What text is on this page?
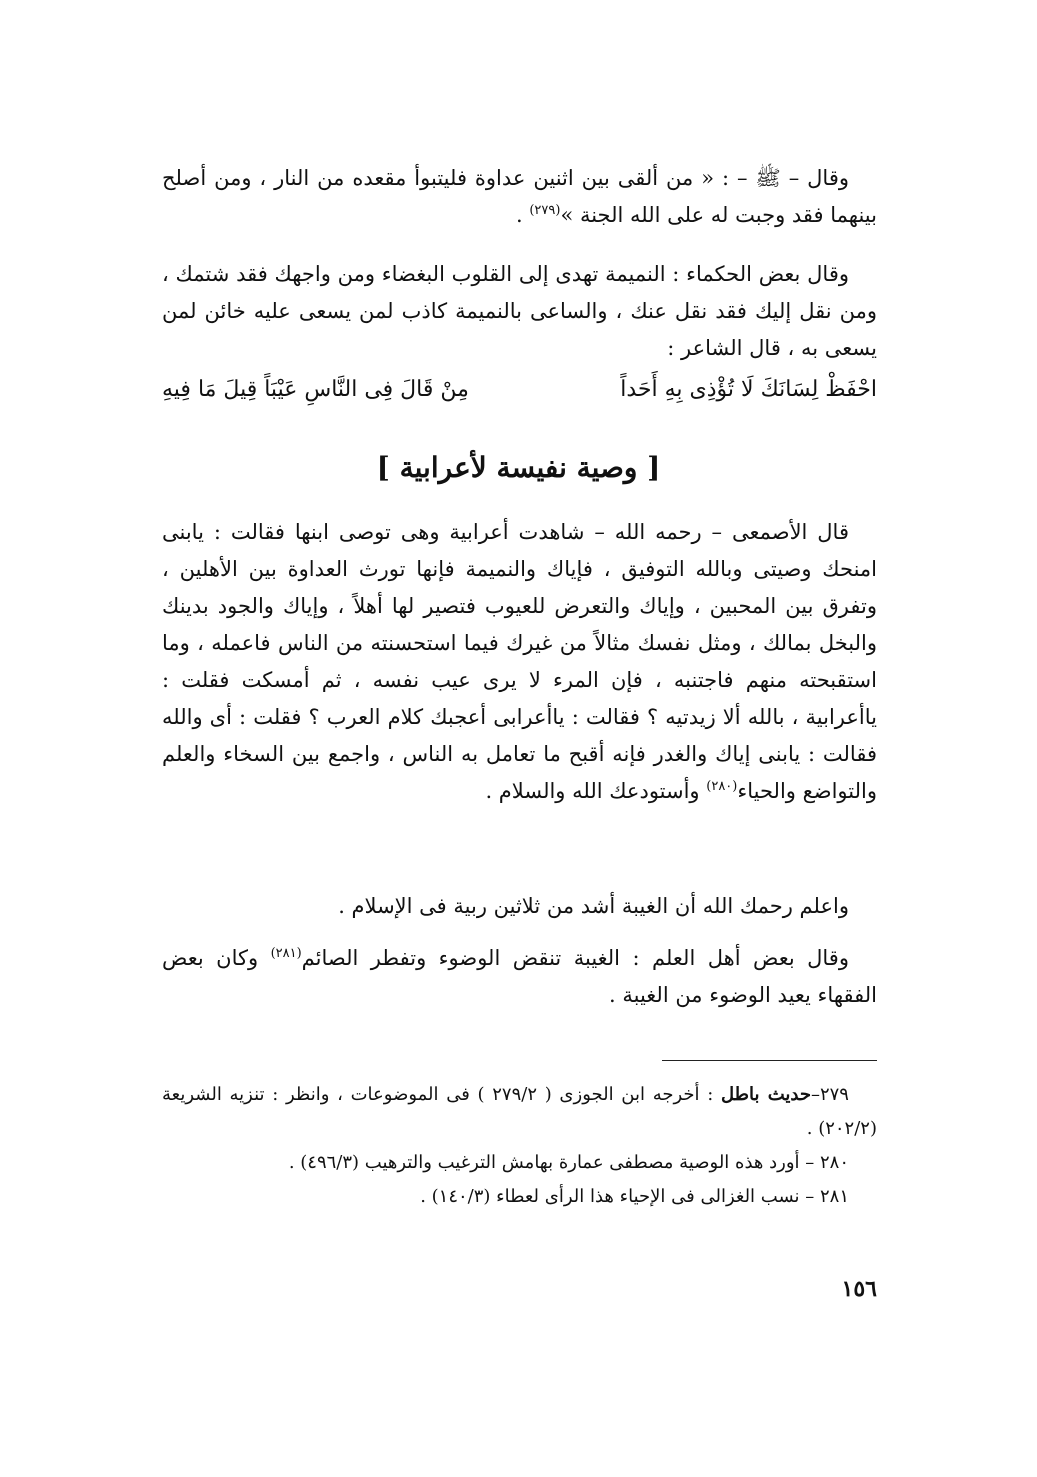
وقال – ﷺ – : « من ألقى بين اثنين عداوة فليتبوأ مقعده من النار ، ومن أصلح بينهما فقد وجبت له على الله الجنة »$^{(٢٧٩)}$ .

وقال بعض الحكماء : النميمة تهدى إلى القلوب البغضاء ومن واجهك فقد شتمك ، ومن نقل إليك فقد نقل عنك ، والساعى بالنميمة كاذب لمن يسعى عليه خائن لمن يسعى به ، قال الشاعر :

احْفَظْ لِسَانَكَ لَا تُؤْذِى بِهِ أَحَداً
مِنْ قَالَ فِى النَّاسِ عَيْبَاً قِيلَ مَا فِيهِ
[ وصية نفيسة لأعرابية ]

قال الأصمعى – رحمه الله – شاهدت أعرابية وهى توصى ابنها فقالت : يابنى امنحك وصيتى وبالله التوفيق ، فإياك والنميمة فإنها تورث العداوة بين الأهلين ، وتفرق بين المحبين ، وإياك والتعرض للعيوب فتصير لها أهلاً ، وإياك والجود بدينك والبخل بمالك ، ومثل نفسك مثالاً من غيرك فيما استحسنته من الناس فاعمله ، وما استقبحته منهم فاجتنبه ، فإن المرء لا يرى عيب نفسه ، ثم أمسكت فقلت : ياأعرابية ، بالله ألا زيدتيه ؟ فقالت : ياأعرابى أعجبك كلام العرب ؟ فقلت : أى والله فقالت : يابنى إياك والغدر فإنه أقبح ما تعامل به الناس ، واجمع بين السخاء والعلم والتواضع والحياء$^{(٢٨٠)}$ وأستودعك الله والسلام .

واعلم رحمك الله أن الغيبة أشد من ثلاثين ربية فى الإسلام .

وقال بعض أهل العلم : الغيبة تنقض الوضوء وتفطر الصائم$^{(٢٨١)}$ وكان بعض الفقهاء يعيد الوضوء من الغيبة .

٢٧٩–حديث باطل : أخرجه ابن الجوزى ( ٢٧٩/٢ ) فى الموضوعات ، وانظر : تنزيه الشريعة (٢٠٢/٢) .

٢٨٠ – أورد هذه الوصية مصطفى عمارة بهامش الترغيب والترهيب (٤٩٦/٣) .

٢٨١ – نسب الغزالى فى الإحياء هذا الرأى لعطاء (١٤٠/٣) .

١٥٦
